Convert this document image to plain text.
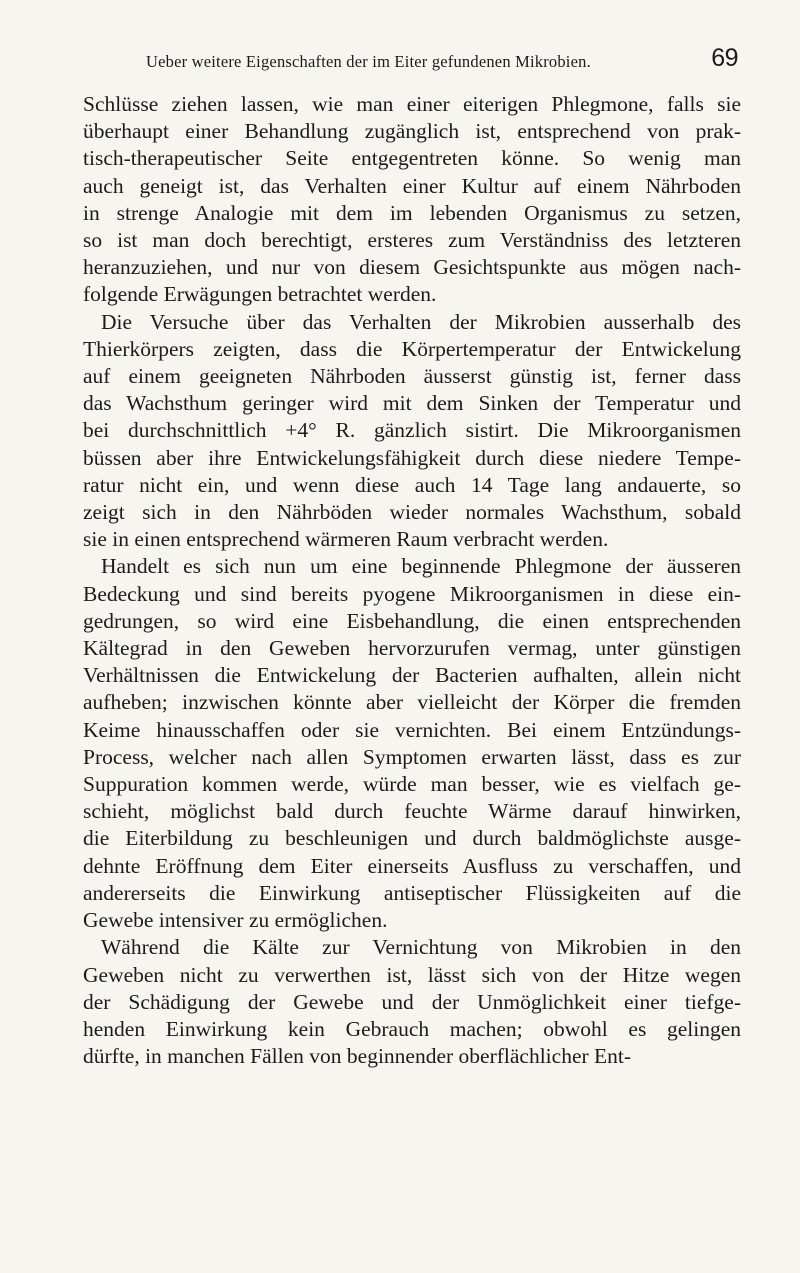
Ueber weitere Eigenschaften der im Eiter gefundenen Mikrobien.	69
Schlüsse ziehen lassen, wie man einer eiterigen Phlegmone, falls sie
überhaupt einer Behandlung zugänglich ist, entsprechend von prak-
tisch-therapeutischer Seite entgegentreten könne. So wenig man
auch geneigt ist, das Verhalten einer Kultur auf einem Nährboden
in strenge Analogie mit dem im lebenden Organismus zu setzen,
so ist man doch berechtigt, ersteres zum Verständniss des letzteren
heranzuziehen, und nur von diesem Gesichtspunkte aus mögen nach-
folgende Erwägungen betrachtet werden.
Die Versuche über das Verhalten der Mikrobien ausserhalb des
Thierkörpers zeigten, dass die Körpertemperatur der Entwickelung
auf einem geeigneten Nährboden äusserst günstig ist, ferner dass
das Wachsthum geringer wird mit dem Sinken der Temperatur und
bei durchschnittlich +4° R. gänzlich sistirt. Die Mikroorganismen
büssen aber ihre Entwickelungsfähigkeit durch diese niedere Tempe-
ratur nicht ein, und wenn diese auch 14 Tage lang andauerte, so
zeigt sich in den Nährböden wieder normales Wachsthum, sobald
sie in einen entsprechend wärmeren Raum verbracht werden.
Handelt es sich nun um eine beginnende Phlegmone der äusseren
Bedeckung und sind bereits pyogene Mikroorganismen in diese ein-
gedrungen, so wird eine Eisbehandlung, die einen entsprechenden
Kältegrad in den Geweben hervorzurufen vermag, unter günstigen
Verhältnissen die Entwickelung der Bacterien aufhalten, allein nicht
aufheben; inzwischen könnte aber vielleicht der Körper die fremden
Keime hinausschaffen oder sie vernichten. Bei einem Entzündungs-
Process, welcher nach allen Symptomen erwarten lässt, dass es zur
Suppuration kommen werde, würde man besser, wie es vielfach ge-
schieht, möglichst bald durch feuchte Wärme darauf hinwirken,
die Eiterbildung zu beschleunigen und durch baldmöglichste ausge-
dehnte Eröffnung dem Eiter einerseits Ausfluss zu verschaffen, und
andererseits die Einwirkung antiseptischer Flüssigkeiten auf die
Gewebe intensiver zu ermöglichen.
Während die Kälte zur Vernichtung von Mikrobien in den
Geweben nicht zu verwerthen ist, lässt sich von der Hitze wegen
der Schädigung der Gewebe und der Unmöglichkeit einer tiefge-
henden Einwirkung kein Gebrauch machen; obwohl es gelingen
dürfte, in manchen Fällen von beginnender oberflächlicher Ent-
